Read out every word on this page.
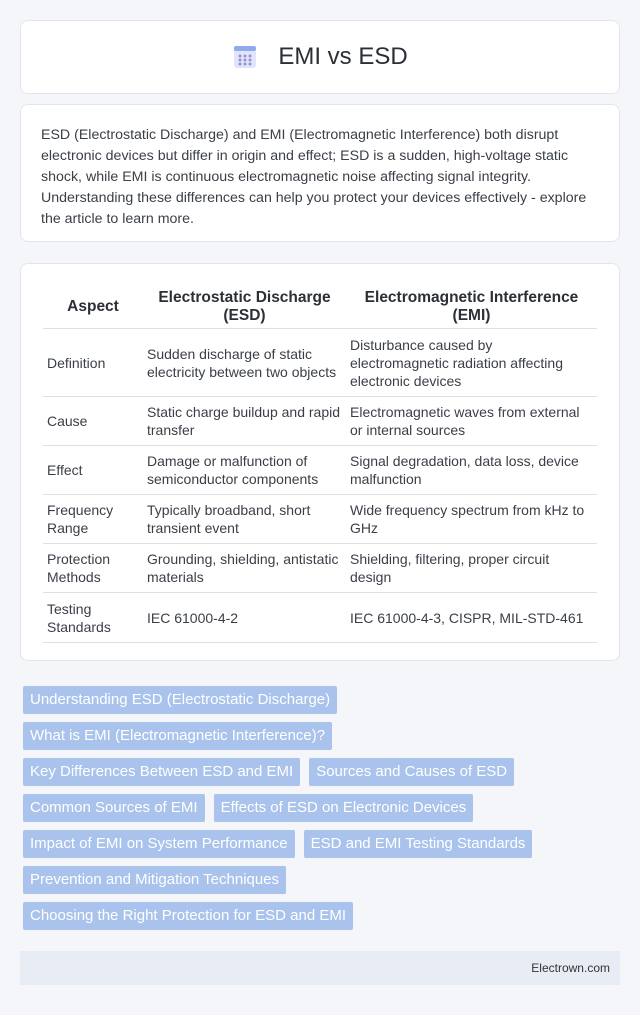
EMI vs ESD

ESD (Electrostatic Discharge) and EMI (Electromagnetic Interference) both disrupt electronic devices but differ in origin and effect; ESD is a sudden, high-voltage static shock, while EMI is continuous electromagnetic noise affecting signal integrity. Understanding these differences can help you protect your devices effectively - explore the article to learn more.

Aspect	Electrostatic Discharge (ESD)	Electromagnetic Interference (EMI)
Definition	Sudden discharge of static electricity between two objects	Disturbance caused by electromagnetic radiation affecting electronic devices
Cause	Static charge buildup and rapid transfer	Electromagnetic waves from external or internal sources
Effect	Damage or malfunction of semiconductor components	Signal degradation, data loss, device malfunction
Frequency Range	Typically broadband, short transient event	Wide frequency spectrum from kHz to GHz
Protection Methods	Grounding, shielding, antistatic materials	Shielding, filtering, proper circuit design
Testing Standards	IEC 61000-4-2	IEC 61000-4-3, CISPR, MIL-STD-461
Understanding ESD (Electrostatic Discharge)
What is EMI (Electromagnetic Interference)?
Key Differences Between ESD and EMI	Sources and Causes of ESD
Common Sources of EMI	Effects of ESD on Electronic Devices
Impact of EMI on System Performance	ESD and EMI Testing Standards
Prevention and Mitigation Techniques
Choosing the Right Protection for ESD and EMI
Electrown.com
